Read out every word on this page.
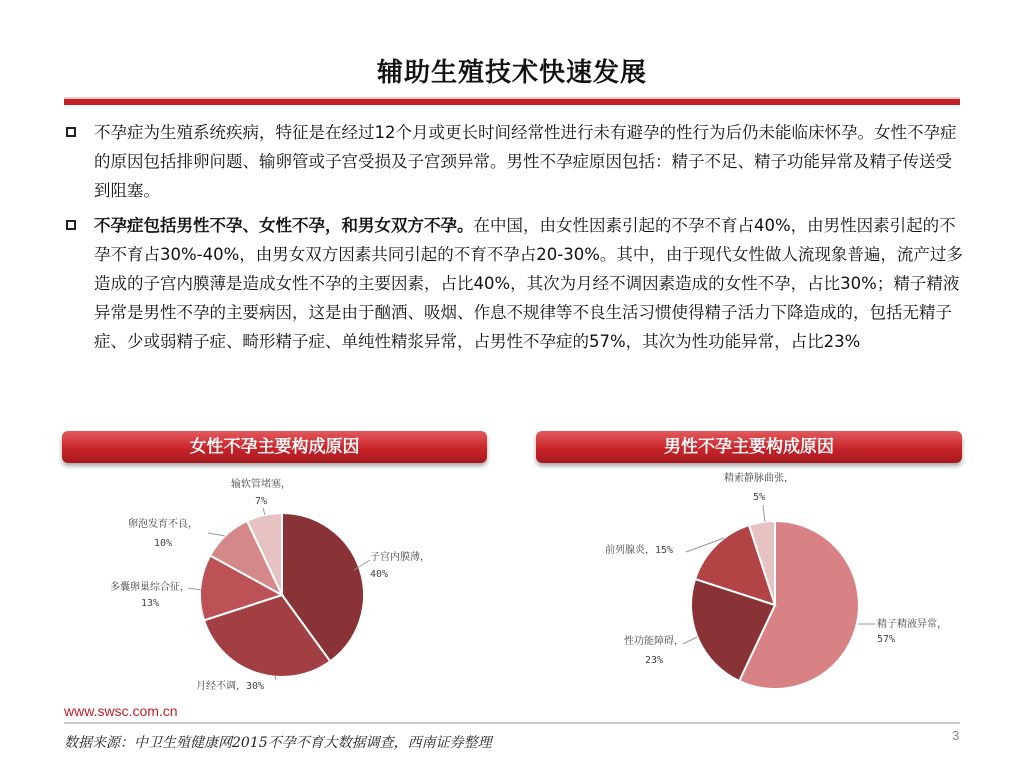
辅助生殖技术快速发展
不孕症为生殖系统疾病，特征是在经过12个月或更长时间经常性进行未有避孕的性行为后仍未能临床怀孕。女性不孕症的原因包括排卵问题、输卵管或子宫受损及子宫颈异常。男性不孕症原因包括：精子不足、精子功能异常及精子传送受到阻塞。
不孕症包括男性不孕、女性不孕，和男女双方不孕。在中国，由女性因素引起的不孕不育占40%，由男性因素引起的不孕不育占30%-40%，由男女双方因素共同引起的不育不孕占20-30%。其中，由于现代女性做人流现象普遍，流产过多造成的子宫内膜薄是造成女性不孕的主要因素，占比40%，其次为月经不调因素造成的女性不孕，占比30%；精子精液异常是男性不孕的主要病因，这是由于酗酒、吸烟、作息不规律等不良生活习惯使得精子活力下降造成的，包括无精子症、少或弱精子症、畸形精子症、单纯性精浆异常，占男性不孕症的57%，其次为性功能异常，占比23%
女性不孕主要构成原因	男性不孕主要构成原因
子宫内膜薄，
40%
月经不调，30%
多囊卵巢综合征，
13%
卵泡发育不良，
10%
输软管堵塞，
7%
精子精液异常，
57%
性功能障碍，
23%
前列腺炎，15%
精索静脉曲张，
5%
www.swsc.com.cn
数据来源：中卫生殖健康网2015不孕不育大数据调查，西南证券整理	3
